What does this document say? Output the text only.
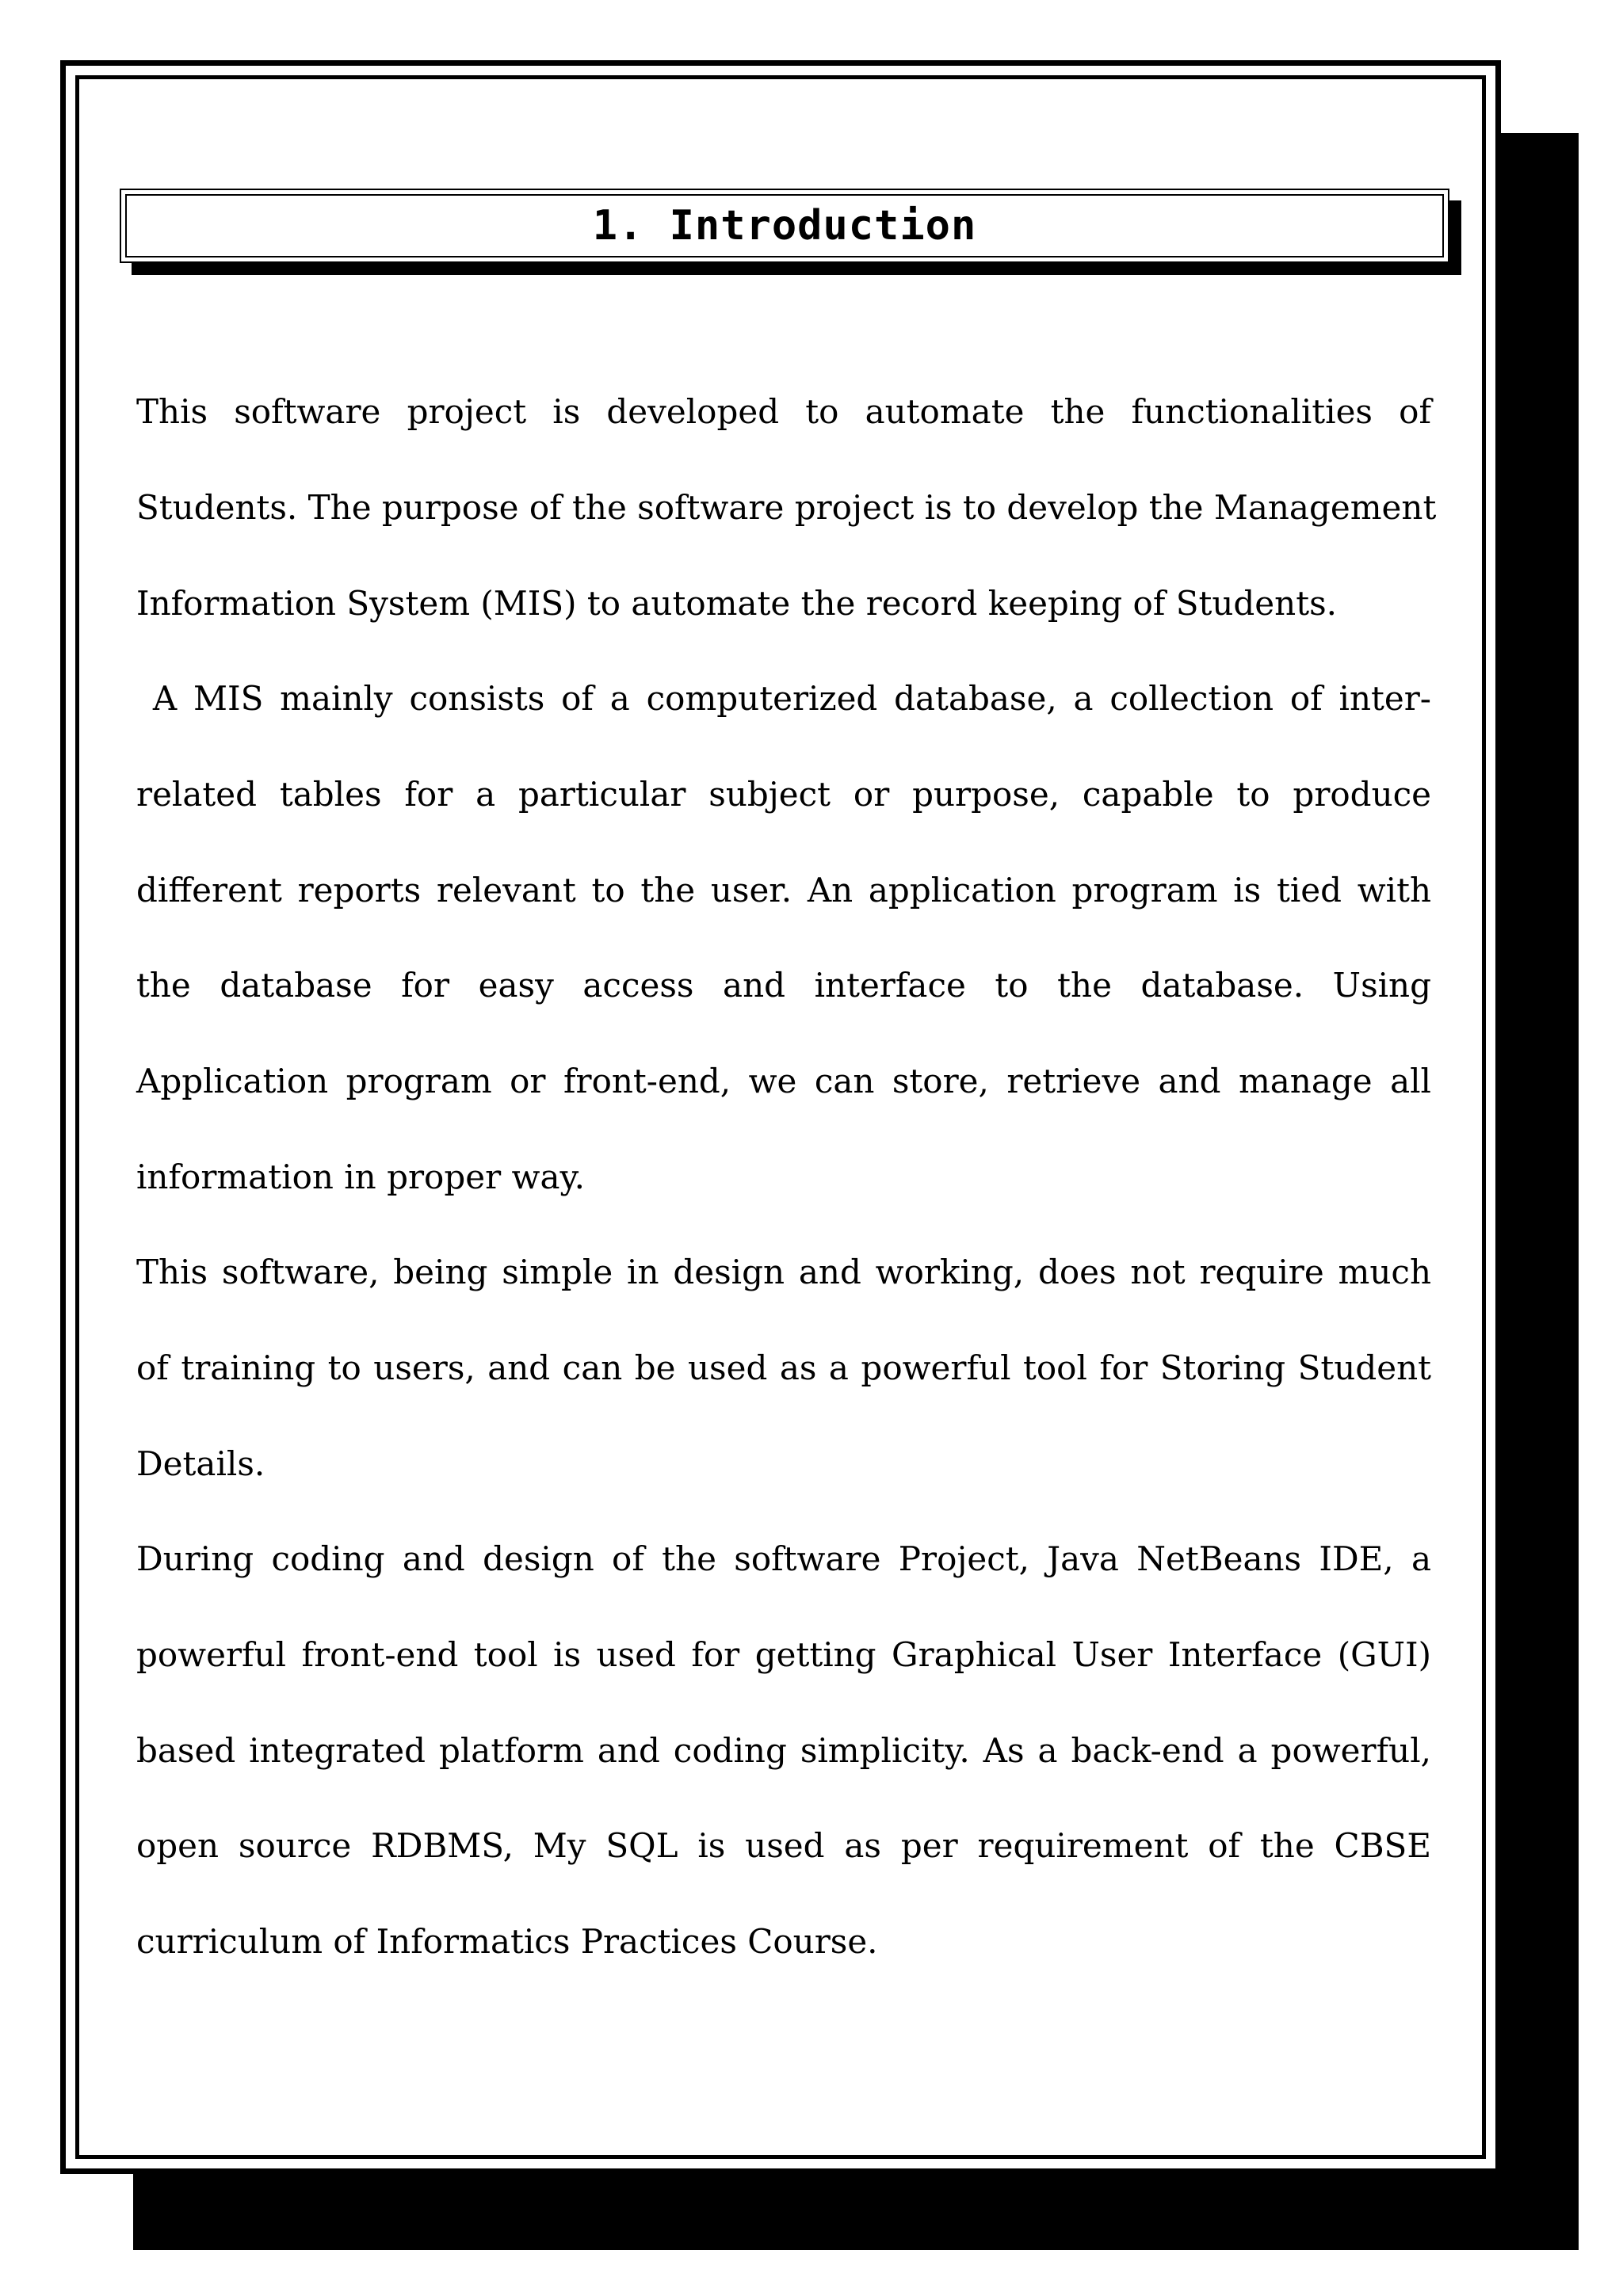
1. Introduction
This software project is developed to automate the functionalities of
Students. The purpose of the software project is to develop the Management
Information System (MIS) to automate the record keeping of Students.
A MIS mainly consists of a computerized database, a collection of inter-
related tables for a particular subject or purpose, capable to produce
different reports relevant to the user. An application program is tied with
the database for easy access and interface to the database. Using
Application program or front-end, we can store, retrieve and manage all
information in proper way.
This software, being simple in design and working, does not require much
of training to users, and can be used as a powerful tool for Storing Student
Details.
During coding and design of the software Project, Java NetBeans IDE, a
powerful front-end tool is used for getting Graphical User Interface (GUI)
based integrated platform and coding simplicity. As a back-end a powerful,
open source RDBMS, My SQL is used as per requirement of the CBSE
curriculum of Informatics Practices Course.
